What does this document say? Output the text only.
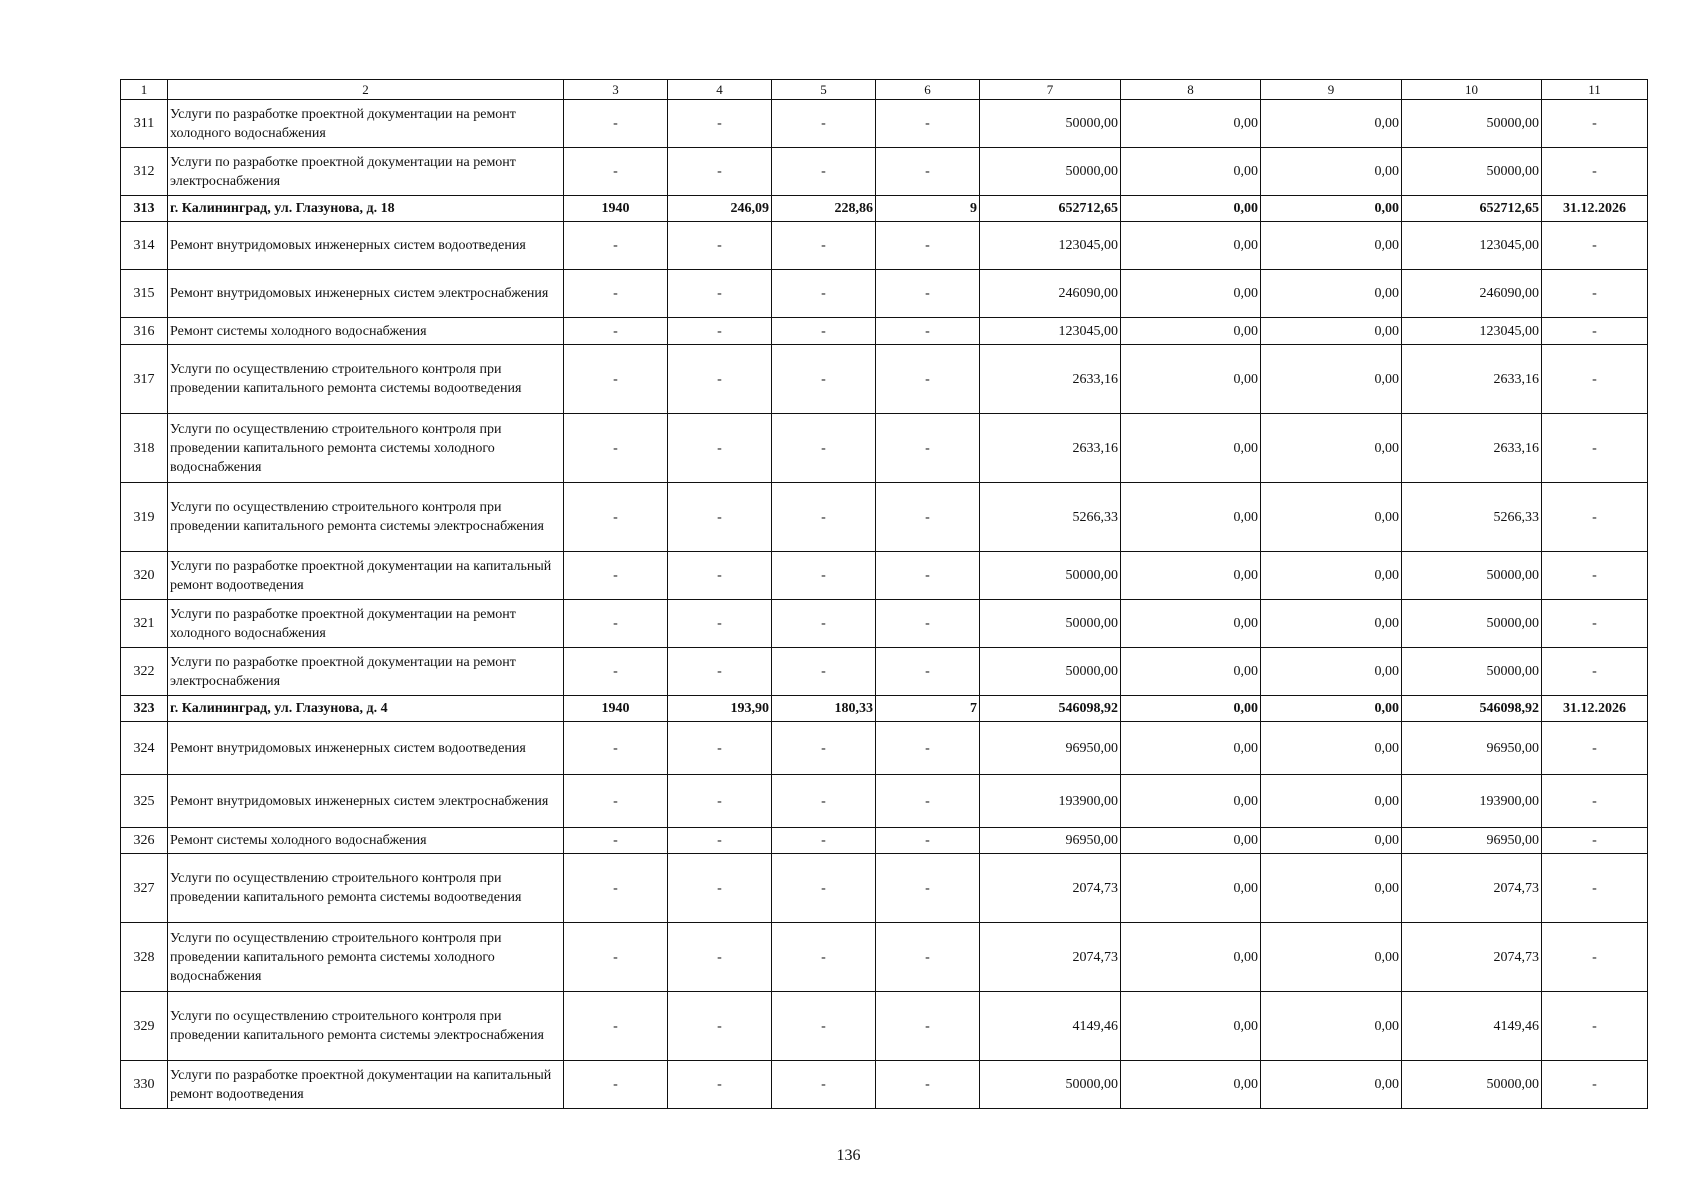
1	2	3	4	5	6	7	8	9	10	11
311	Услуги по разработке проектной документации на ремонт холодного водоснабжения	-	-	-	-	50000,00	0,00	0,00	50000,00	-
312	Услуги по разработке проектной документации на ремонт электроснабжения	-	-	-	-	50000,00	0,00	0,00	50000,00	-
313	г. Калининград, ул. Глазунова, д. 18	1940	246,09	228,86	9	652712,65	0,00	0,00	652712,65	31.12.2026
314	Ремонт внутридомовых инженерных систем водоотведения	-	-	-	-	123045,00	0,00	0,00	123045,00	-
315	Ремонт внутридомовых инженерных систем электроснабжения	-	-	-	-	246090,00	0,00	0,00	246090,00	-
316	Ремонт системы холодного водоснабжения	-	-	-	-	123045,00	0,00	0,00	123045,00	-
317	Услуги по осуществлению строительного контроля при проведении капитального ремонта системы водоотведения	-	-	-	-	2633,16	0,00	0,00	2633,16	-
318	Услуги по осуществлению строительного контроля при проведении капитального ремонта системы холодного водоснабжения	-	-	-	-	2633,16	0,00	0,00	2633,16	-
319	Услуги по осуществлению строительного контроля при проведении капитального ремонта системы электроснабжения	-	-	-	-	5266,33	0,00	0,00	5266,33	-
320	Услуги по разработке проектной документации на капитальный ремонт водоотведения	-	-	-	-	50000,00	0,00	0,00	50000,00	-
321	Услуги по разработке проектной документации на ремонт холодного водоснабжения	-	-	-	-	50000,00	0,00	0,00	50000,00	-
322	Услуги по разработке проектной документации на ремонт электроснабжения	-	-	-	-	50000,00	0,00	0,00	50000,00	-
323	г. Калининград, ул. Глазунова, д. 4	1940	193,90	180,33	7	546098,92	0,00	0,00	546098,92	31.12.2026
324	Ремонт внутридомовых инженерных систем водоотведения	-	-	-	-	96950,00	0,00	0,00	96950,00	-
325	Ремонт внутридомовых инженерных систем электроснабжения	-	-	-	-	193900,00	0,00	0,00	193900,00	-
326	Ремонт системы холодного водоснабжения	-	-	-	-	96950,00	0,00	0,00	96950,00	-
327	Услуги по осуществлению строительного контроля при проведении капитального ремонта системы водоотведения	-	-	-	-	2074,73	0,00	0,00	2074,73	-
328	Услуги по осуществлению строительного контроля при проведении капитального ремонта системы холодного водоснабжения	-	-	-	-	2074,73	0,00	0,00	2074,73	-
329	Услуги по осуществлению строительного контроля при проведении капитального ремонта системы электроснабжения	-	-	-	-	4149,46	0,00	0,00	4149,46	-
330	Услуги по разработке проектной документации на капитальный ремонт водоотведения	-	-	-	-	50000,00	0,00	0,00	50000,00	-
136
